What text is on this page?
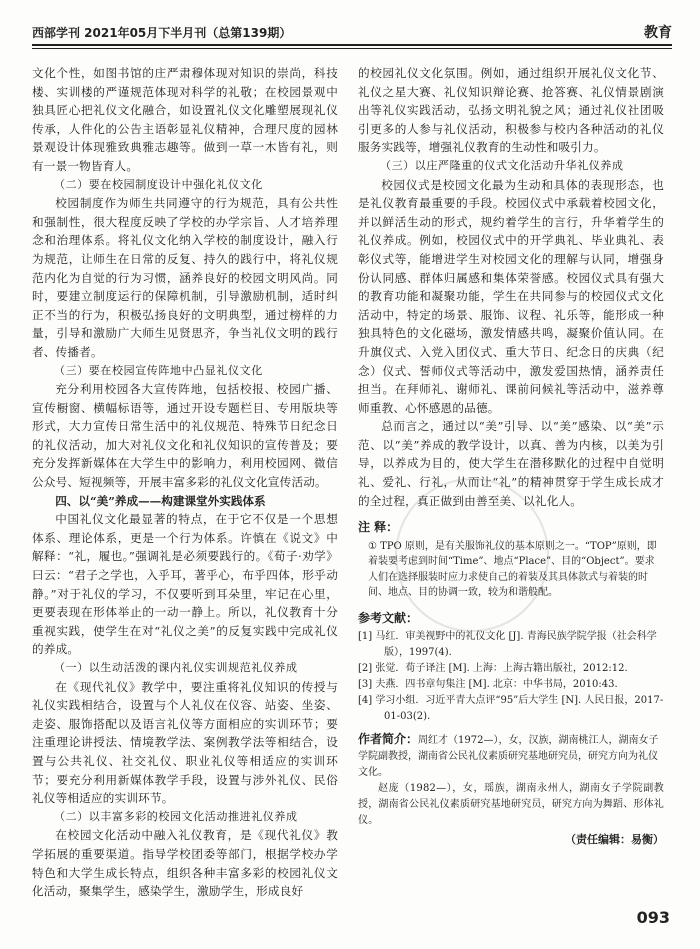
西部学刊 2021年05月下半月刊（总第139期）	教育

文化个性，如图书馆的庄严肃穆体现对知识的崇尚，科技楼、实训楼的严谨规范体现对科学的礼敬；在校园景观中独具匠心把礼仪文化融合，如设置礼仪文化雕塑展现礼仪传承，人件化的公告主语彰显礼仪精神，合理尺度的园林景观设计体现雅致典雅志趣等。做到一草一木皆有礼，则有一景一物皆育人。

（二）要在校园制度设计中强化礼仪文化

校园制度作为师生共同遵守的行为规范，具有公共性和强制性，很大程度反映了学校的办学宗旨、人才培养理念和治理体系。将礼仪文化纳入学校的制度设计，融入行为规范，让师生在日常的反复、持久的践行中，将礼仪规范内化为自觉的行为习惯，涵养良好的校园文明风尚。同时，要建立制度运行的保障机制，引导激励机制，适时纠正不当的行为，积极弘扬良好的文明典型，通过榜样的力量，引导和激励广大师生见贤思齐，争当礼仪文明的践行者、传播者。

（三）要在校园宣传阵地中凸显礼仪文化

充分利用校园各大宣传阵地，包括校报、校园广播、宣传橱窗、横幅标语等，通过开设专题栏目、专用版块等形式，大力宣传日常生活中的礼仪规范、特殊节日纪念日的礼仪活动，加大对礼仪文化和礼仪知识的宣传普及；要充分发挥新媒体在大学生中的影响力，利用校园网、微信公众号、短视频等，开展丰富多彩的礼仪文化宣传活动。

四、以“美”养成——构建课堂外实践体系

中国礼仪文化最显著的特点，在于它不仅是一个思想体系、理论体系，更是一个行为体系。许慎在《说文》中解释：“礼，履也。”强调礼是必须要践行的。《荀子·劝学》曰云：“君子之学也，入乎耳，著乎心，布乎四体，形乎动静。”对于礼仪的学习，不仅要听到耳朵里，牢记在心里，更要表现在形体举止的一动一静上。所以，礼仪教育十分重视实践，使学生在对“礼仪之美”的反复实践中完成礼仪的养成。

（一）以生动活泼的课内礼仪实训规范礼仪养成

在《现代礼仪》教学中，要注重将礼仪知识的传授与礼仪实践相结合，设置与个人礼仪在仪容、站姿、坐姿、走姿、服饰搭配以及语言礼仪等方面相应的实训环节；要注重理论讲授法、情境教学法、案例教学法等相结合，设置与公共礼仪、社交礼仪、职业礼仪等相适应的实训环节；要充分利用新媒体教学手段，设置与涉外礼仪、民俗礼仪等相适应的实训环节。

（二）以丰富多彩的校园文化活动推进礼仪养成

在校园文化活动中融入礼仪教育，是《现代礼仪》教学拓展的重要渠道。指导学校团委等部门，根据学校办学特色和大学生成长特点，组织各种丰富多彩的校园礼仪文化活动，聚集学生，感染学生，激励学生，形成良好

的校园礼仪文化氛围。例如，通过组织开展礼仪文化节、礼仪之星大赛、礼仪知识辩论赛、抢答赛、礼仪情景剧演出等礼仪实践活动，弘扬文明礼貌之风；通过礼仪社团吸引更多的人参与礼仪活动，积极参与校内各种活动的礼仪服务实践等，增强礼仪教育的生动性和吸引力。

（三）以庄严隆重的仪式文化活动升华礼仪养成

校园仪式是校园文化最为生动和具体的表现形态，也是礼仪教育最重要的手段。校园仪式中承载着校园文化，并以鲜活生动的形式，规约着学生的言行，升华着学生的礼仪养成。例如，校园仪式中的开学典礼、毕业典礼、表彰仪式等，能增进学生对校园文化的理解与认同，增强身份认同感、群体归属感和集体荣誉感。校园仪式具有强大的教育功能和凝聚功能，学生在共同参与的校园仪式文化活动中，特定的场景、服饰、议程、礼乐等，能形成一种独具特色的文化磁场，激发情感共鸣，凝聚价值认同。在升旗仪式、入党入团仪式、重大节日、纪念日的庆典（纪念）仪式、誓师仪式等活动中，激发爱国热情，涵养责任担当。在拜师礼、谢师礼、课前问候礼等活动中，滋养尊师重教、心怀感恩的品德。

总而言之，通过以“美”引导、以“美”感染、以“美”示范、以“美”养成的教学设计，以真、善为内核，以美为引导，以养成为目的，使大学生在潜移默化的过程中自觉明礼、爱礼、行礼，从而让“礼”的精神贯穿于学生成长成才的全过程，真正做到由善至美、以礼化人。

注 释：
① TPO 原则，是有关服饰礼仪的基本原则之一。“TOP”原则，即着装要考虑到时间“Time”、地点“Place”、目的“Object”。要求人们在选择服装时应力求使自己的着装及其具体款式与着装的时间、地点、目的协调一致，较为和谐般配。
参考文献：
[1] 马红．审美视野中的礼仪文化 [J]. 青海民族学院学报（社会科学版），1997(4).
[2] 张觉．荀子译注 [M]. 上海：上海古籍出版社，2012:12.
[3] 夫燕．四书章句集注 [M]. 北京：中华书局，2010:43.
[4] 学习小组．习近平青大点评“95”后大学生 [N]. 人民日报，2017-01-03(2).
作者简介：周红才（1972—），女，汉族，湖南桃江人，湖南女子学院副教授，湖南省公民礼仪素质研究基地研究员，研究方向为礼仪文化。

赵庞（1982—），女，瑶族，湖南永州人，湖南女子学院副教授，湖南省公民礼仪素质研究基地研究员，研究方向为舞蹈、形体礼仪。

（责任编辑：易衡）
093
